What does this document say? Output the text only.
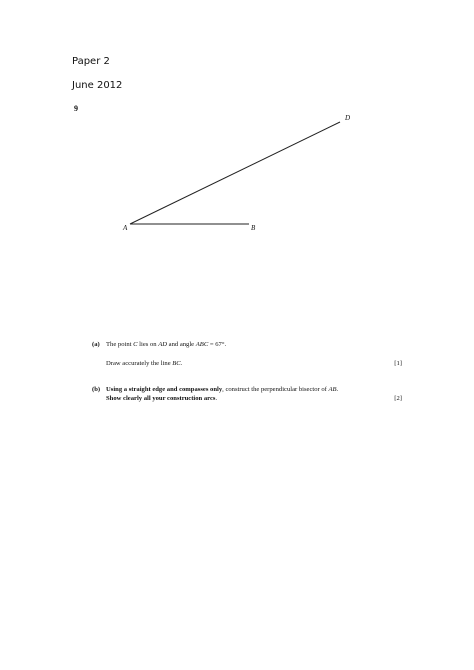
Paper 2
June 2012
9
A	B
D
(a) The point C lies on AD and angle ABC = 67°.
Draw accurately the line BC.	[1]
(b) Using a straight edge and compasses only, construct the perpendicular bisector of AB.
Show clearly all your construction arcs.	[2]
